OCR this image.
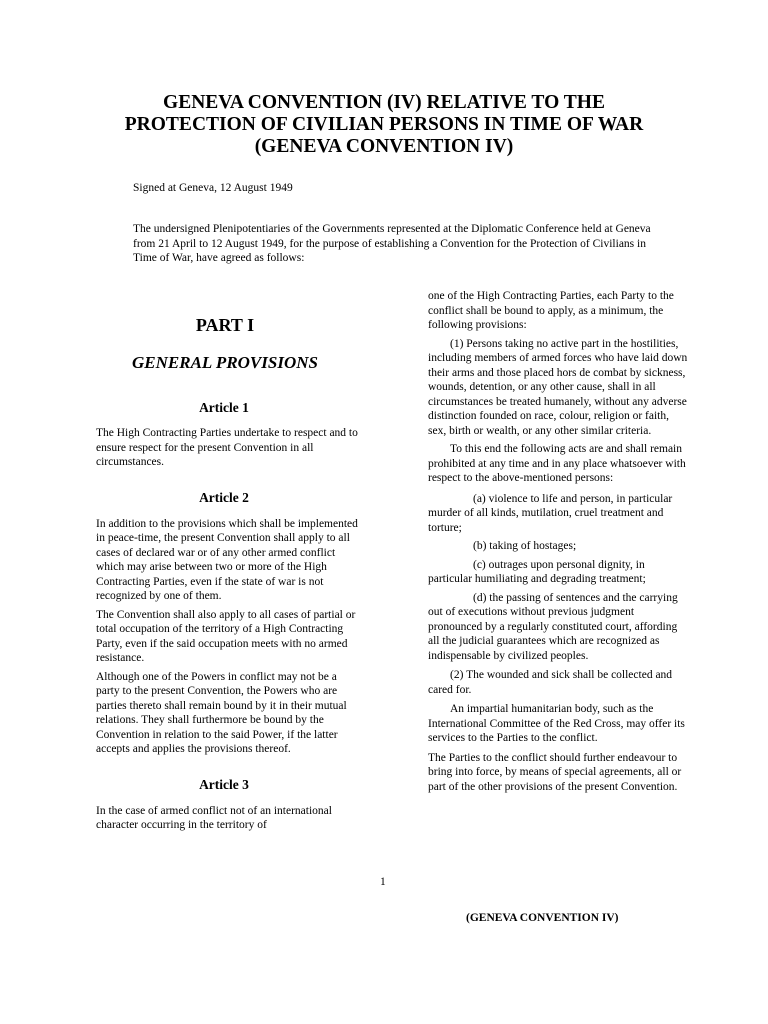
GENEVA CONVENTION (IV) RELATIVE TO THE PROTECTION OF CIVILIAN PERSONS IN TIME OF WAR (GENEVA CONVENTION IV)

Signed at Geneva, 12 August 1949

The undersigned Plenipotentiaries of the Governments represented at the Diplomatic Conference held at Geneva from 21 April to 12 August 1949, for the purpose of establishing a Convention for the Protection of Civilians in Time of War, have agreed as follows:

PART I
GENERAL PROVISIONS
Article 1

The High Contracting Parties undertake to respect and to ensure respect for the present Convention in all circumstances.

Article 2

In addition to the provisions which shall be implemented in peace-time, the present Convention shall apply to all cases of declared war or of any other armed conflict which may arise between two or more of the High Contracting Parties, even if the state of war is not recognized by one of them.

The Convention shall also apply to all cases of partial or total occupation of the territory of a High Contracting Party, even if the said occupation meets with no armed resistance.

Although one of the Powers in conflict may not be a party to the present Convention, the Powers who are parties thereto shall remain bound by it in their mutual relations. They shall furthermore be bound by the Convention in relation to the said Power, if the latter accepts and applies the provisions thereof.

Article 3

In the case of armed conflict not of an international character occurring in the territory of

one of the High Contracting Parties, each Party to the conflict shall be bound to apply, as a minimum, the following provisions:

(1) Persons taking no active part in the hostilities, including members of armed forces who have laid down their arms and those placed hors de combat by sickness, wounds, detention, or any other cause, shall in all circumstances be treated humanely, without any adverse distinction founded on race, colour, religion or faith, sex, birth or wealth, or any other similar criteria.

To this end the following acts are and shall remain prohibited at any time and in any place whatsoever with respect to the above-mentioned persons:

(a) violence to life and person, in particular murder of all kinds, mutilation, cruel treatment and torture;

(b) taking of hostages;

(c) outrages upon personal dignity, in particular humiliating and degrading treatment;

(d) the passing of sentences and the carrying out of executions without previous judgment pronounced by a regularly constituted court, affording all the judicial guarantees which are recognized as indispensable by civilized peoples.

(2) The wounded and sick shall be collected and cared for.

An impartial humanitarian body, such as the International Committee of the Red Cross, may offer its services to the Parties to the conflict.

The Parties to the conflict should further endeavour to bring into force, by means of special agreements, all or part of the other provisions of the present Convention.

1

(GENEVA CONVENTION IV)
